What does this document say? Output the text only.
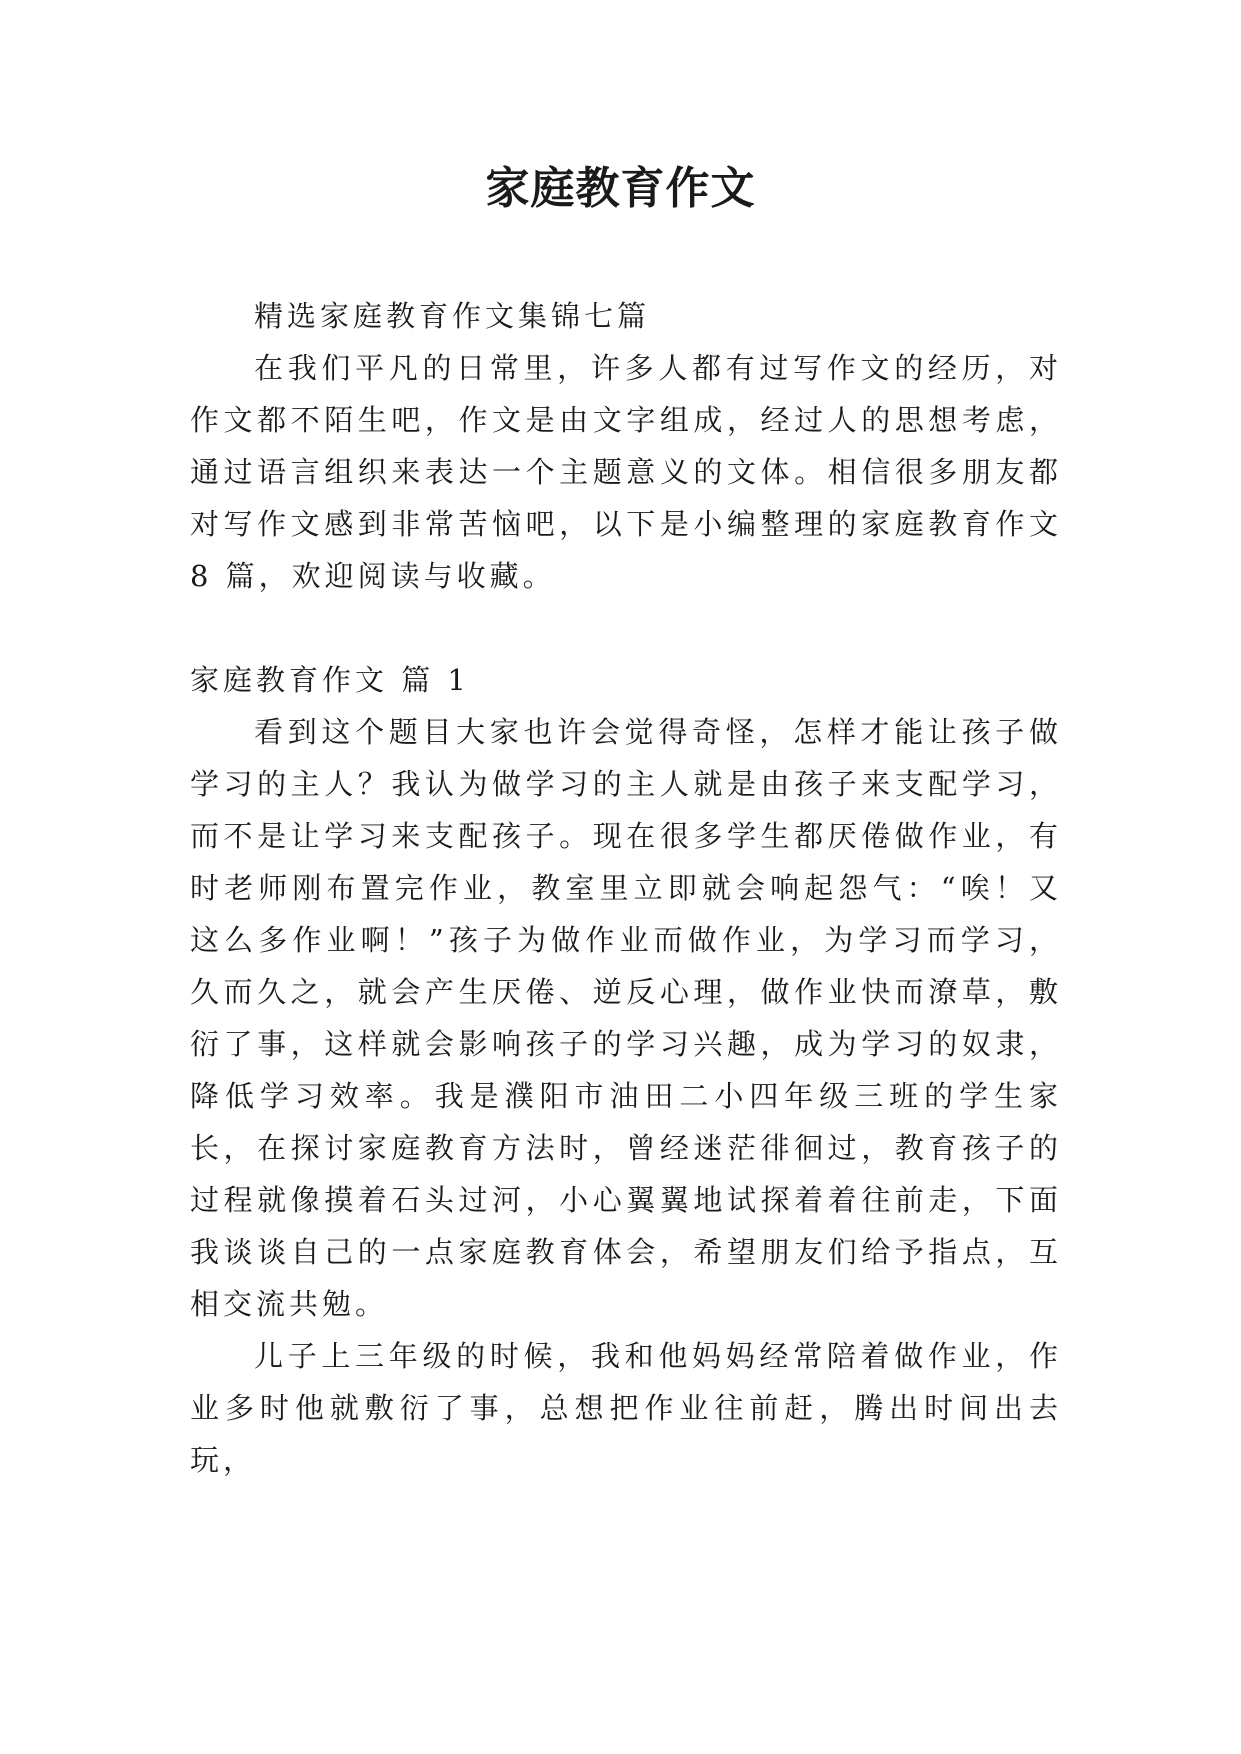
家庭教育作文

精选家庭教育作文集锦七篇

在我们平凡的日常里，许多人都有过写作文的经历，对作文都不陌生吧，作文是由文字组成，经过人的思想考虑，通过语言组织来表达一个主题意义的文体。相信很多朋友都对写作文感到非常苦恼吧，以下是小编整理的家庭教育作文8 篇，欢迎阅读与收藏。

家庭教育作文 篇 1

看到这个题目大家也许会觉得奇怪，怎样才能让孩子做学习的主人？我认为做学习的主人就是由孩子来支配学习，而不是让学习来支配孩子。现在很多学生都厌倦做作业，有时老师刚布置完作业，教室里立即就会响起怨气：“唉！又这么多作业啊！”孩子为做作业而做作业，为学习而学习，久而久之，就会产生厌倦、逆反心理，做作业快而潦草，敷衍了事，这样就会影响孩子的学习兴趣，成为学习的奴隶，降低学习效率。我是濮阳市油田二小四年级三班的学生家长，在探讨家庭教育方法时，曾经迷茫徘徊过，教育孩子的过程就像摸着石头过河，小心翼翼地试探着着往前走，下面我谈谈自己的一点家庭教育体会，希望朋友们给予指点，互相交流共勉。

儿子上三年级的时候，我和他妈妈经常陪着做作业，作业多时他就敷衍了事，总想把作业往前赶，腾出时间出去玩，
